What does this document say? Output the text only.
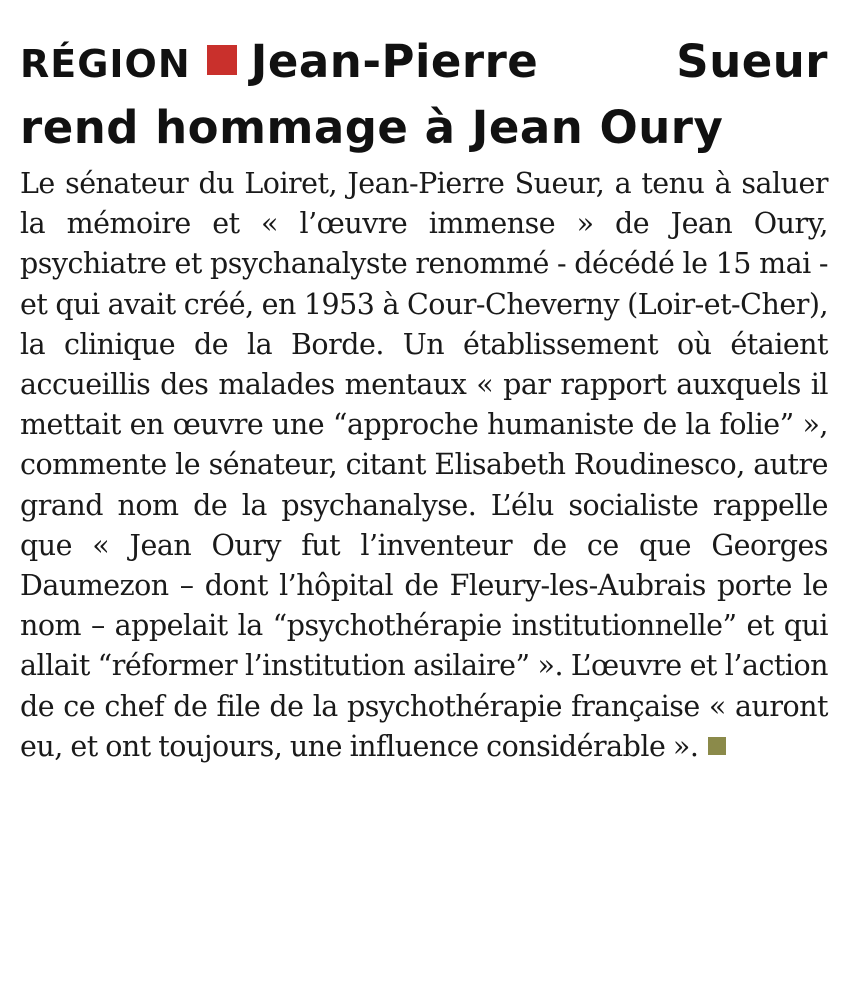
RÉGION Jean-Pierre Sueur rend hommage à Jean Oury

Le sénateur du Loiret, Jean-Pierre Sueur, a tenu à saluer la mémoire et « l’œuvre immense » de Jean Oury, psychiatre et psychanalyste renommé - décédé le 15 mai - et qui avait créé, en 1953 à Cour-Cheverny (Loir-et-Cher), la clinique de la Borde. Un établissement où étaient accueillis des malades mentaux « par rapport auxquels il mettait en œuvre une “approche humaniste de la folie” », commente le sénateur, citant Elisabeth Roudinesco, autre grand nom de la psychanalyse. L’élu socialiste rappelle que « Jean Oury fut l’inventeur de ce que Georges Daumezon – dont l’hôpital de Fleury-les-Aubrais porte le nom – appelait la “psychothérapie institutionnelle” et qui allait “réformer l’institution asilaire” ». L’œuvre et l’action de ce chef de file de la psychothérapie française « auront eu, et ont toujours, une influence considérable ».
